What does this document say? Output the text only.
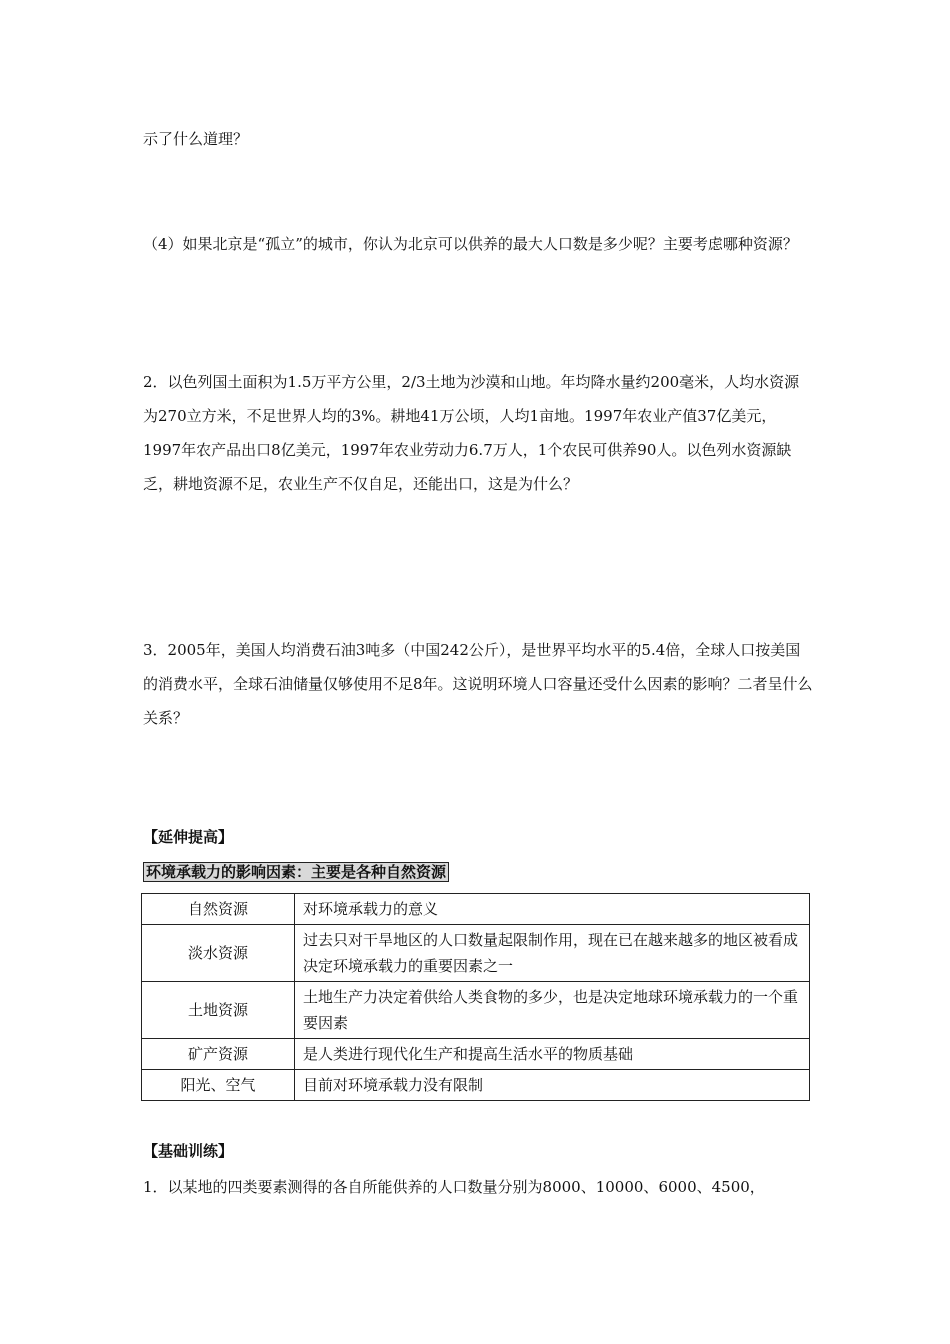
示了什么道理？

（4）如果北京是“孤立”的城市，你认为北京可以供养的最大人口数是多少呢？主要考虑哪种资源？

2．以色列国土面积为1.5万平方公里，2/3土地为沙漠和山地。年均降水量约200毫米，人均水资源为270立方米，不足世界人均的3%。耕地41万公顷，人均1亩地。1997年农业产值37亿美元，1997年农产品出口8亿美元，1997年农业劳动力6.7万人，1个农民可供养90人。以色列水资源缺乏，耕地资源不足，农业生产不仅自足，还能出口，这是为什么？

3．2005年，美国人均消费石油3吨多（中国242公斤），是世界平均水平的5.4倍，全球人口按美国的消费水平，全球石油储量仅够使用不足8年。这说明环境人口容量还受什么因素的影响？二者呈什么关系？

【延伸提高】
环境承载力的影响因素：主要是各种自然资源
自然资源	对环境承载力的意义
淡水资源	过去只对干旱地区的人口数量起限制作用，现在已在越来越多的地区被看成决定环境承载力的重要因素之一
土地资源	土地生产力决定着供给人类食物的多少，也是决定地球环境承载力的一个重要因素
矿产资源	是人类进行现代化生产和提高生活水平的物质基础
阳光、空气	目前对环境承载力没有限制
【基础训练】

1．以某地的四类要素测得的各自所能供养的人口数量分别为8000、10000、6000、4500，
